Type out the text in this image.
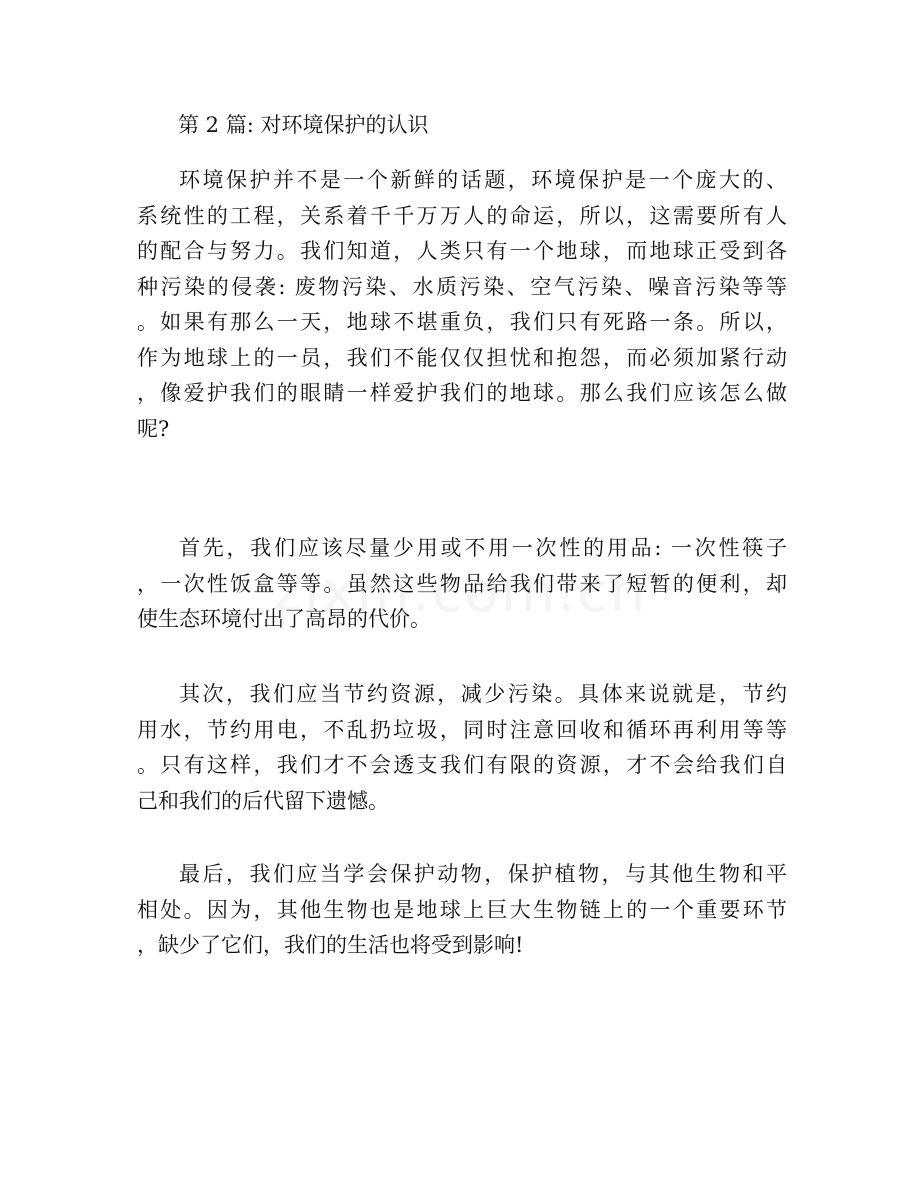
第 2 篇: 对环境保护的认识
环境保护并不是一个新鲜的话题，环境保护是一个庞大的、
系统性的工程，关系着千千万万人的命运，所以，这需要所有人
的配合与努力。我们知道，人类只有一个地球，而地球正受到各
种污染的侵袭: 废物污染、水质污染、空气污染、噪音污染等等
。如果有那么一天，地球不堪重负，我们只有死路一条。所以，
作为地球上的一员，我们不能仅仅担忧和抱怨，而必须加紧行动
，像爱护我们的眼睛一样爱护我们的地球。那么我们应该怎么做
呢?
首先，我们应该尽量少用或不用一次性的用品: 一次性筷子
，一次性饭盒等等。虽然这些物品给我们带来了短暂的便利，却
使生态环境付出了高昂的代价。
其次，我们应当节约资源，减少污染。具体来说就是，节约
用水，节约用电，不乱扔垃圾，同时注意回收和循环再利用等等
。只有这样，我们才不会透支我们有限的资源，才不会给我们自
己和我们的后代留下遗憾。
最后，我们应当学会保护动物，保护植物，与其他生物和平
相处。因为，其他生物也是地球上巨大生物链上的一个重要环节
，缺少了它们，我们的生活也将受到影响!
